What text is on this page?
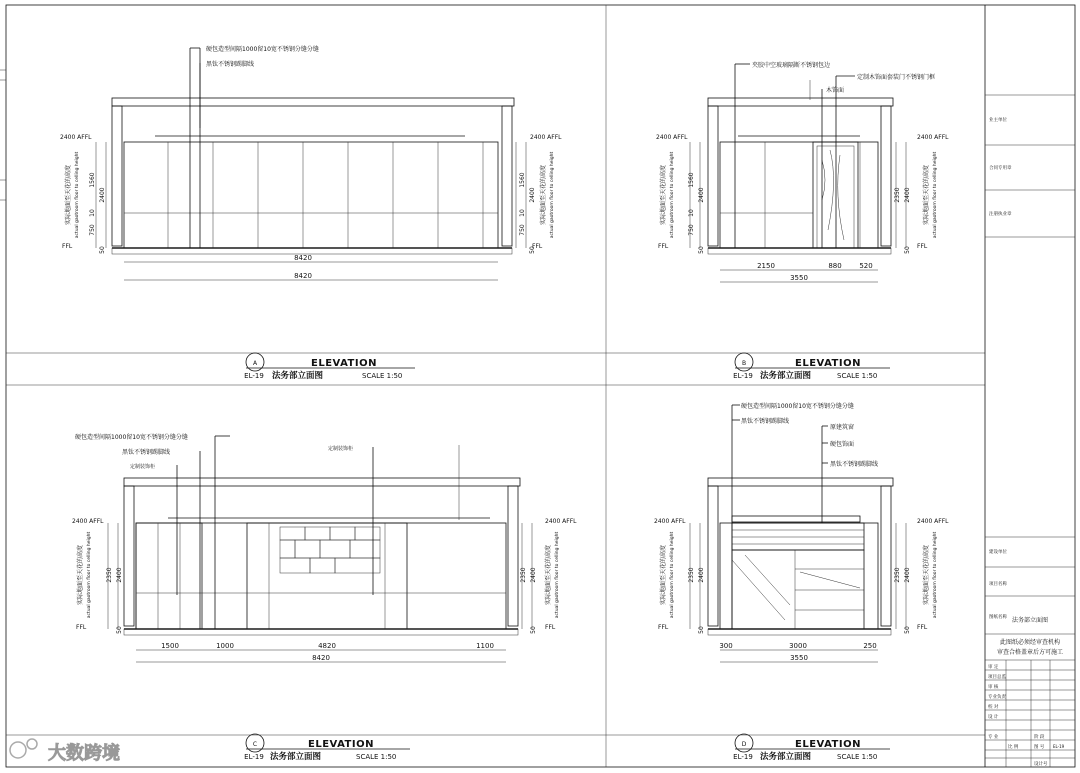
硬包造型间隔1000留10宽不锈钢分缝分缝
黑钛不锈钢踢脚线
8420
8420
2400 AFFL
FFL
2400 AFFL
FFL
1560
10
750
2400
50
1560
10
750
2400
50
实际地面至天花的高度 actual gaotroom floor to celling height	实际地面至天花的高度 actual gaotroom floor to celling height
A
EL-19
ELEVATION
法务部立面图	SCALE 1:50
夹胶中空玻璃隔断不锈钢包边
定制木饰面套装门不锈钢门框
木饰面
2150	880	520
3550
2400 AFFL
FFL
2400 AFFL
FFL
1560
10
750
2400
50
2350 2400
50
实际地面至天花的高度 actual gaotroom floor to celling height	实际地面至天花的高度 actual gaotroom floor to celling height
B
EL-19
ELEVATION
法务部立面图	SCALE 1:50
硬包造型间隔1000留10宽不锈钢分缝分缝
黑钛不锈钢踢脚线
定制装饰柜
定制装饰柜
1500	1000	4820	1100
8420
2400 AFFL
FFL
2400 AFFL
FFL
2350 2400
50
2350 2400
50
实际地面至天花的高度 actual gaotroom floor to celling height	实际地面至天花的高度 actual gaotroom floor to celling height
C
EL-19
ELEVATION
法务部立面图	SCALE 1:50
硬包造型间隔1000留10宽不锈钢分缝分缝
黑钛不锈钢踢脚线
原建筑窗
硬包饰面
黑钛不锈钢踢脚线
300	3000	250
3550
2400 AFFL
FFL
2400 AFFL
FFL
2350 2400
50
2350 2400
50
实际地面至天花的高度 actual gaotroom floor to celling height	实际地面至天花的高度 actual gaotroom floor to celling height
D
EL-19
ELEVATION
法务部立面图	SCALE 1:50
业主单位
合同专用章
注册执业章
建设单位
项目名称
图纸名称 法务部立面图
此图纸必须经审查机构
审查合格盖章后方可施工
审 定
项目总监
审 核
专业负责
校 对
设 计
专 业
图 号
比 例
设计号
阶 段
EL-19
大数跨境
